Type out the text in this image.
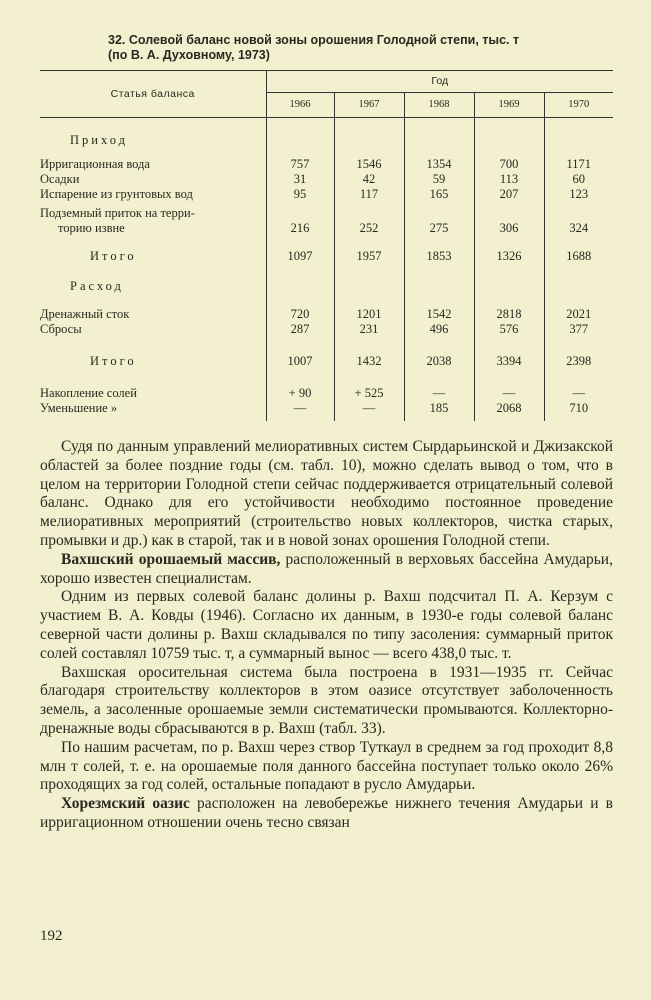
32. Солевой баланс новой зоны орошения Голодной степи, тыс. т
(по В. А. Духовному, 1973)
Статья баланса	Год				
	1966	1967	1968	1969	1970
Приход					
Ирригационная вода	757	1546	1354	700	1171
Осадки	31	42	59	113	60
Испарение из грунтовых вод	95	117	165	207	123

Подземный приток на терри-
торию извне	216	252	275	306	324
Итого	1097	1957	1853	1326	1688
Расход					
Дренажный сток	720	1201	1542	2818	2021
Сбросы	287	231	496	576	377
Итого	1007	1432	2038	3394	2398
Накопление солей	+ 90	+ 525	—	—	—
Уменьшение »	—	—	185	2068	710

Судя по данным управлений мелиоративных систем Сырдарьинской и Джизакской областей за более поздние годы (см. табл. 10), можно сделать вывод о том, что в целом на территории Голодной степи сейчас поддерживается отрицательный солевой баланс. Однако для его устойчивости необходимо постоянное проведение мелиоративных мероприятий (строительство новых коллекторов, чистка старых, промывки и др.) как в старой, так и в новой зонах орошения Голодной степи.

Вахшский орошаемый массив, расположенный в верховьях бассейна Амударьи, хорошо известен специалистам.

Одним из первых солевой баланс долины р. Вахш подсчитал П. А. Керзум с участием В. А. Ковды (1946). Согласно их данным, в 1930-е годы солевой баланс северной части долины р. Вахш складывался по типу засоления: суммарный приток солей составлял 10759 тыс. т, а суммарный вынос — всего 438,0 тыс. т.

Вахшская оросительная система была построена в 1931—1935 гг. Сейчас благодаря строительству коллекторов в этом оазисе отсутствует заболоченность земель, а засоленные орошаемые земли систематически промываются. Коллекторно-дренажные воды сбрасываются в р. Вахш (табл. 33).

По нашим расчетам, по р. Вахш через створ Туткаул в среднем за год проходит 8,8 млн т солей, т. е. на орошаемые поля данного бассейна поступает только около 26% проходящих за год солей, остальные попадают в русло Амударьи.

Хорезмский оазис расположен на левобережье нижнего течения Амударьи и в ирригационном отношении очень тесно связан

192
